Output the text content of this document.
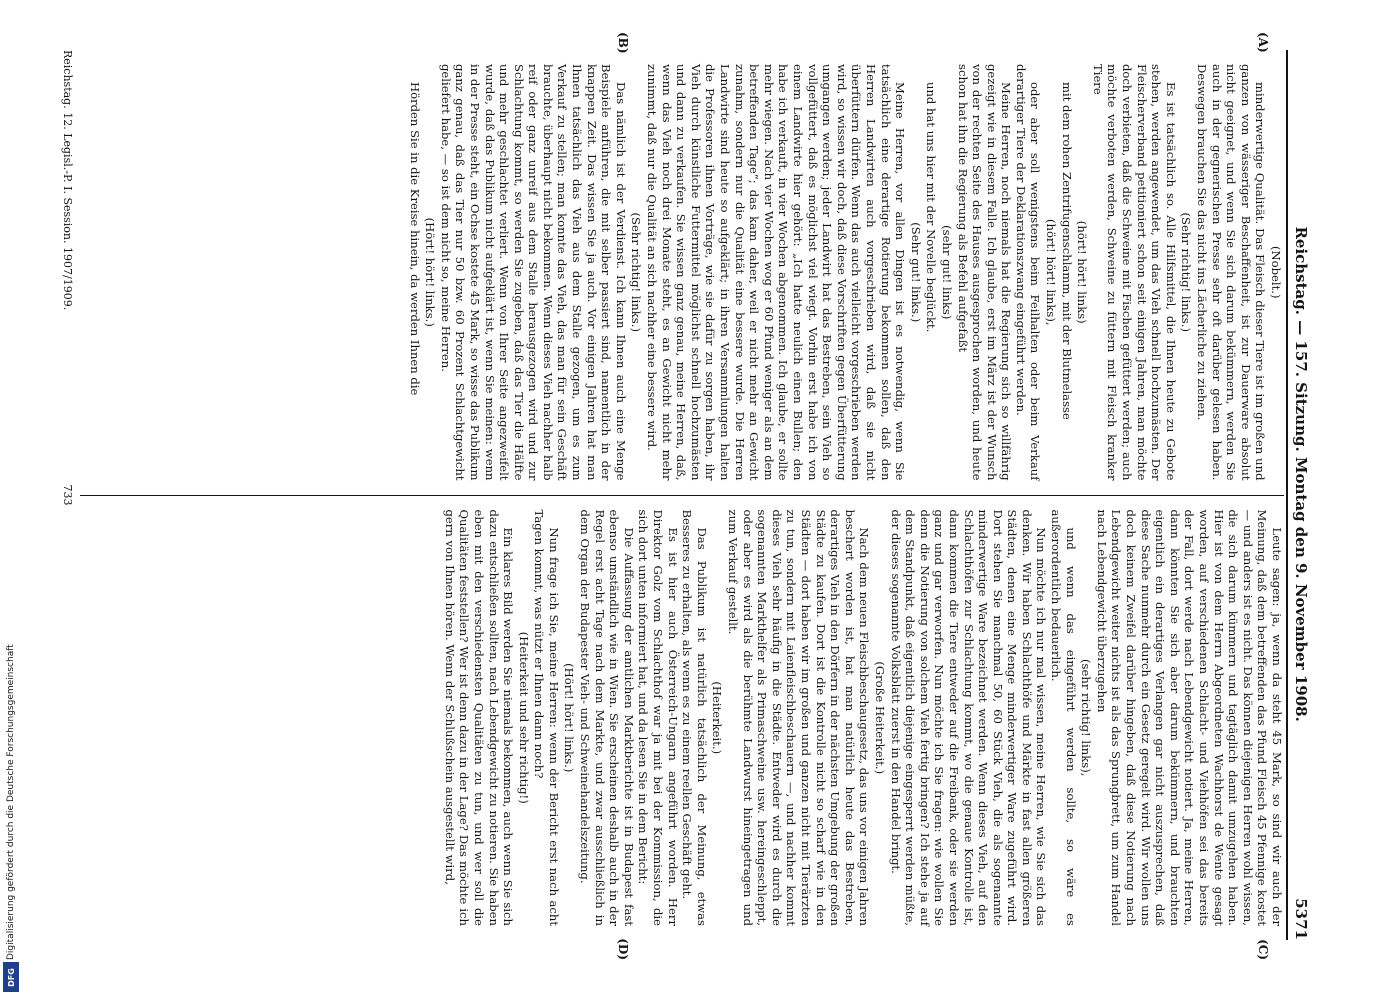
Digitalisierung gefördert durch die Deutsche Forschungsgemeinschaft
DFG
Reichstag. — 157. Sitzung. Montag den 9. November 1908.
5371

(Nobelt.)

minderwertige Qualität. Das Fleisch dieser Tiere ist im großen und ganzen von wässeriger Beschaffenheit, ist zur Dauerware absolut nicht geeignet, und wenn Sie sich darum bekümmern, werden Sie auch in der gegnerischen Presse sehr oft darüber gelesen haben. Deswegen brauchen Sie das nicht ins Lächerliche zu ziehen.

(Sehr richtig! links.)

Es ist tatsächlich so. Alle Hilfsmittel, die Ihnen heute zu Gebote stehen, werden angewendet, um das Vieh schnell hochzumästen. Der Fleischerverband petitioniert schon seit einigen Jahren, man möchte doch verbieten, daß die Schweine mit Fischen gefüttert werden; auch möchte verboten werden, Schweine zu füttern mit Fleisch kranker Tiere

(hört! hört! links)

mit dem rohen Zentrifugenschlamm, mit der Blutmelasse

(hört! hört! links),

oder aber soll wenigstens beim Feilhalten oder beim Verkauf derartiger Tiere der Deklarationszwang eingeführt werden.

Meine Herren, noch niemals hat die Regierung sich so willfährig gezeigt wie in diesem Falle. Ich glaube, erst im März ist der Wunsch von der rechten Seite des Hauses ausgesprochen worden, und heute schon hat ihn die Regierung als Befehl aufgefaßt

(sehr gut! links)

und hat uns hier mit der Novelle beglückt.

(Sehr gut! links.)

Meine Herren, vor allen Dingen ist es notwendig, wenn Sie tatsächlich eine derartige Rotierung bekommen sollen, daß den Herren Landwirten auch vorgeschrieben wird, daß sie nicht überfüttern dürfen. Wenn das auch vielleicht vorgeschrieben werden wird, so wissen wir doch, daß diese Vorschriften gegen Überfütterung umgangen werden; jeder Landwirt hat das Bestreben, sein Vieh so vollgefüttert, daß es möglichst viel wiegt. Vorhin erst habe ich von einem Landwirte hier gehört: „Ich hatte neulich einen Bullen; den habe ich verkauft, in vier Wochen abgenommen. Ich glaube, er sollte mehr wiegen. Nach vier Wochen wog er 60 Pfund weniger als an dem betreffenden Tage“; das kam daher, weil er nicht mehr an Gewicht zunahm, sondern nur die Qualität eine bessere wurde. Die Herren Landwirte sind heute so aufgeklärt; in ihren Versammlungen halten die Professoren ihnen Vorträge, wie sie dafür zu sorgen haben, ihr Vieh durch künstliche Futtermittel möglichst schnell hochzumästen und dann zu verkaufen. Sie wissen ganz genau, meine Herren, daß, wenn das Vieh noch drei Monate steht, es an Gewicht nicht mehr zunimmt, daß nur die Qualität an sich nachher eine bessere wird.

(Sehr richtig! links.)

Das nämlich ist der Verdienst. Ich kann Ihnen auch eine Menge Beispiele anführen, die mit selber passiert sind, namentlich in der knappen Zeit. Das wissen Sie ja auch. Vor einigen Jahren hat man Ihnen tatsächlich das Vieh aus dem Stalle gezogen, um es zum Verkauf zu stellen; man konnte das Vieh, das man für sein Geschäft brauchte, überhaupt nicht bekommen. Wenn dieses Vieh nachher halb reif oder ganz unreif aus dem Stalle herausgezogen wird und zur Schlachtung kommt, so werden Sie zugeben, daß das Tier die Hälfte und mehr geschlachtet verliert. Wenn von Ihrer Seite angezweifelt wurde, daß das Publikum nicht aufgeklärt ist, wenn Sie meinen: wenn in der Presse steht, ein Ochse kostete 45 Mark, so wisse das Publikum ganz genau, daß das Tier nur 50 bzw. 60 Prozent Schlachtgewicht geliefert habe, — so ist dem nicht so, meine Herren.

(Hört! hört! links.)

Hörden Sie in die Kreise hinein, da werden Ihnen die

Leute sagen: ja, wenn da steht 45 Mark, so sind wir auch der Meinung, daß dem betreffenden das Pfund Fleisch 45 Pfennige kostet — und anders ist es nicht. Das können diejenigen Herren wohl wissen, die sich darum kümmern und tagtäglich damit umzugehen haben. Hier ist von dem Herrn Abgeordneten Wachhorst de Wente gesagt worden, auf verschiedenen Schlacht- und Viehhöfen sei das bereits der Fall, dort werde nach Lebendgewicht notiert. Ja, meine Herren, dann könnten Sie sich aber darum bekümmern, und brauchten eigentlich ein derartiges Verlangen gar nicht auszusprechen, daß diese Sache nunmehr durch ein Gesetz geregelt wird. Wir wollen uns doch keinem Zweifel darüber hingeben, daß diese Notierung nach Lebendgewicht weiter nichts ist als das Sprungbrett, um zum Handel nach Lebendgewicht überzugehen

(sehr richtig! links),

und wenn das eingeführt werden sollte, so wäre es außerordentlich bedauerlich.

Nun möchte ich nur mal wissen, meine Herren, wie Sie sich das denken. Wir haben Schlachthöfe und Märkte in fast allen größeren Städten, denen eine Menge minderwertiger Ware zugeführt wird. Dort stehen Sie manchmal 50, 60 Stück Vieh, die als sogenannte minderwertige Ware bezeichnet werden. Wenn dieses Vieh, auf den Schlachthöfen zur Schlachtung kommt, wo die genaue Kontrolle ist, dann kommen die Tiere entweder auf die Freibank, oder sie werden ganz und gar verworfen. Nun möchte ich Sie fragen: wie wollen Sie denn die Notierung von solchem Vieh fertig bringen? Ich stehe ja auf dem Standpunkt, daß eigentlich diejenige eingesperrt werden müßte, der dieses sogenannte Volksblatt zuerst in den Handel bringt.

(Große Heiterkeit.)

Nach dem neuen Fleischbeschaugesetz, das uns vor einigen Jahren beschert worden ist, hat man natürlich heute das Bestreben, derartiges Vieh in den Dörfern in der nächsten Umgebung der großen Städte zu kaufen. Dort ist die Kontrolle nicht so scharf wie in den Städten — dort haben wir im großen und ganzen nicht mit Tierärzten zu tun, sondern mit Laienfleischbeschauern —, und nachher kommt dieses Vieh sehr häufig in die Städte. Entweder wird es durch die sogenannten Markthelfer als Primaschweine usw. hereingeschleppt, oder aber es wird als die berühmte Landwurst hineingetragen und zum Verkauf gestellt.

(Heiterkeit.)

Das Publikum ist natürlich tatsächlich der Meinung, etwas Besseres zu erhalten, als wenn es zu einem reellen Geschäft geht.

Es ist hier auch Österreich-Ungarn angeführt worden. Herr Direktor Golz vom Schlachthof war ja mit bei der Kommission, die sich dort unten informiert hat, und da lesen Sie in dem Bericht:

Die Auffassung der amtlichen Marktberichte ist in Budapest fast ebenso umständlich wie in Wien. Sie erscheinen deshalb auch in der Regel erst acht Tage nach dem Markte, und zwar ausschließlich in dem Organ der Budapester Vieh- und Schweinehandelszeitung.

(Hört! hört! links.)

Nun frage ich Sie, meine Herren: wenn der Bericht erst nach acht Tagen kommt, was nützt er Ihnen dann noch?

(Heiterkeit und sehr richtig!)

Ein klares Bild werden Sie niemals bekommen, auch wenn Sie sich dazu entschließen sollten, nach Lebendgewicht zu notieren. Sie haben eben mit den verschiedensten Qualitäten zu tun, und wer soll die Qualitäten feststellen? Wer ist denn dazu in der Lage? Das möchte ich gern von Ihnen hören. Wenn der Schlußschein ausgestellt wird,

(A)
(B)
(C)
(D)
Reichstag. 12. Legisl.-P. I. Session. 1907/1909.
733
